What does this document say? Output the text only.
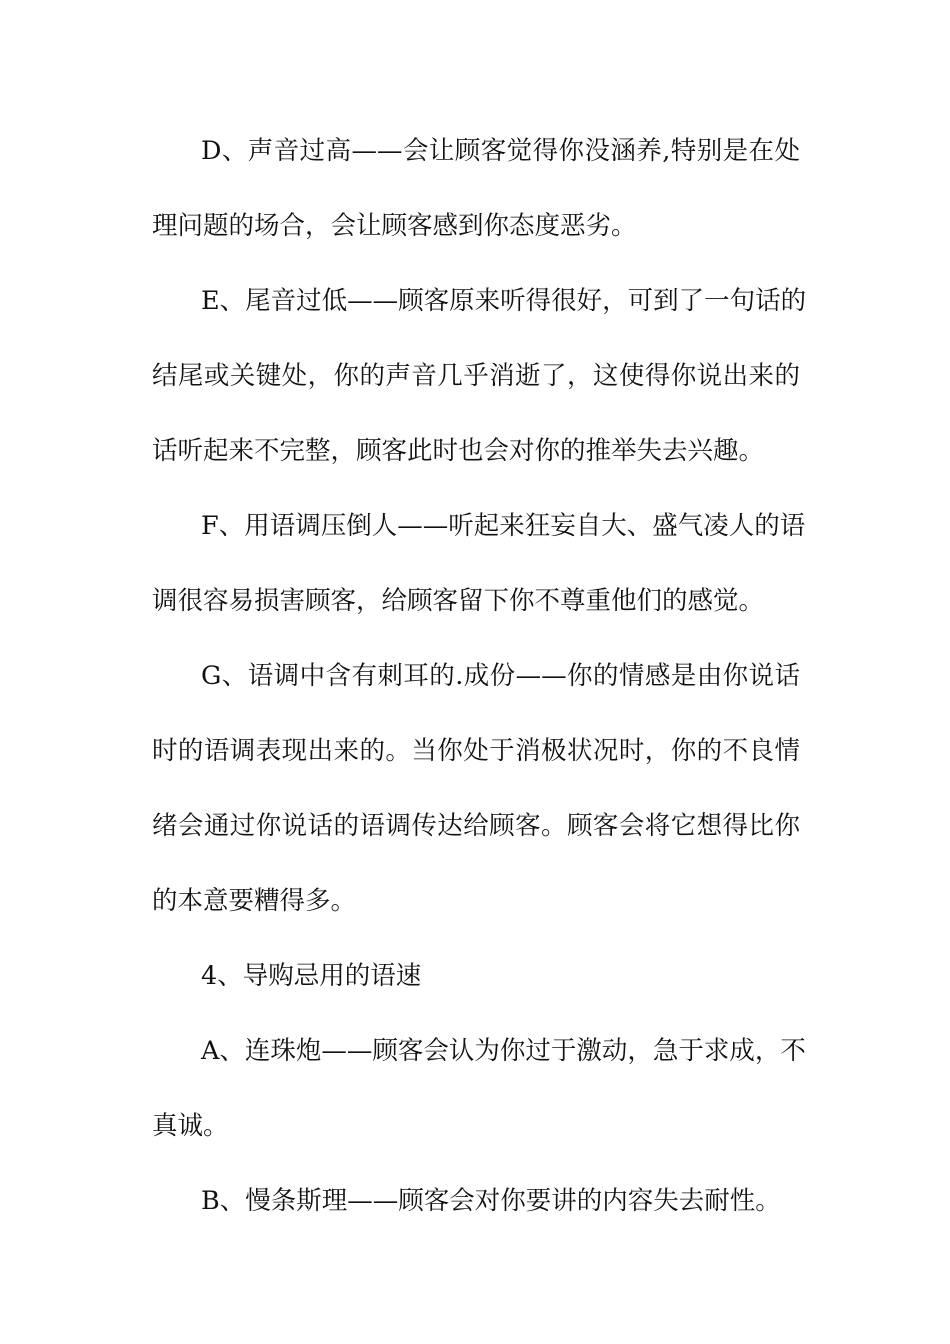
D、声音过高——会让顾客觉得你没涵养,特别是在处
理问题的场合，会让顾客感到你态度恶劣。
E、尾音过低——顾客原来听得很好，可到了一句话的
结尾或关键处，你的声音几乎消逝了，这使得你说出来的
话听起来不完整，顾客此时也会对你的推举失去兴趣。
F、用语调压倒人——听起来狂妄自大、盛气凌人的语
调很容易损害顾客，给顾客留下你不尊重他们的感觉。
G、语调中含有刺耳的.成份——你的情感是由你说话
时的语调表现出来的。当你处于消极状况时，你的不良情
绪会通过你说话的语调传达给顾客。顾客会将它想得比你
的本意要糟得多。
4、导购忌用的语速
A、连珠炮——顾客会认为你过于激动，急于求成，不
真诚。
B、慢条斯理——顾客会对你要讲的内容失去耐性。
